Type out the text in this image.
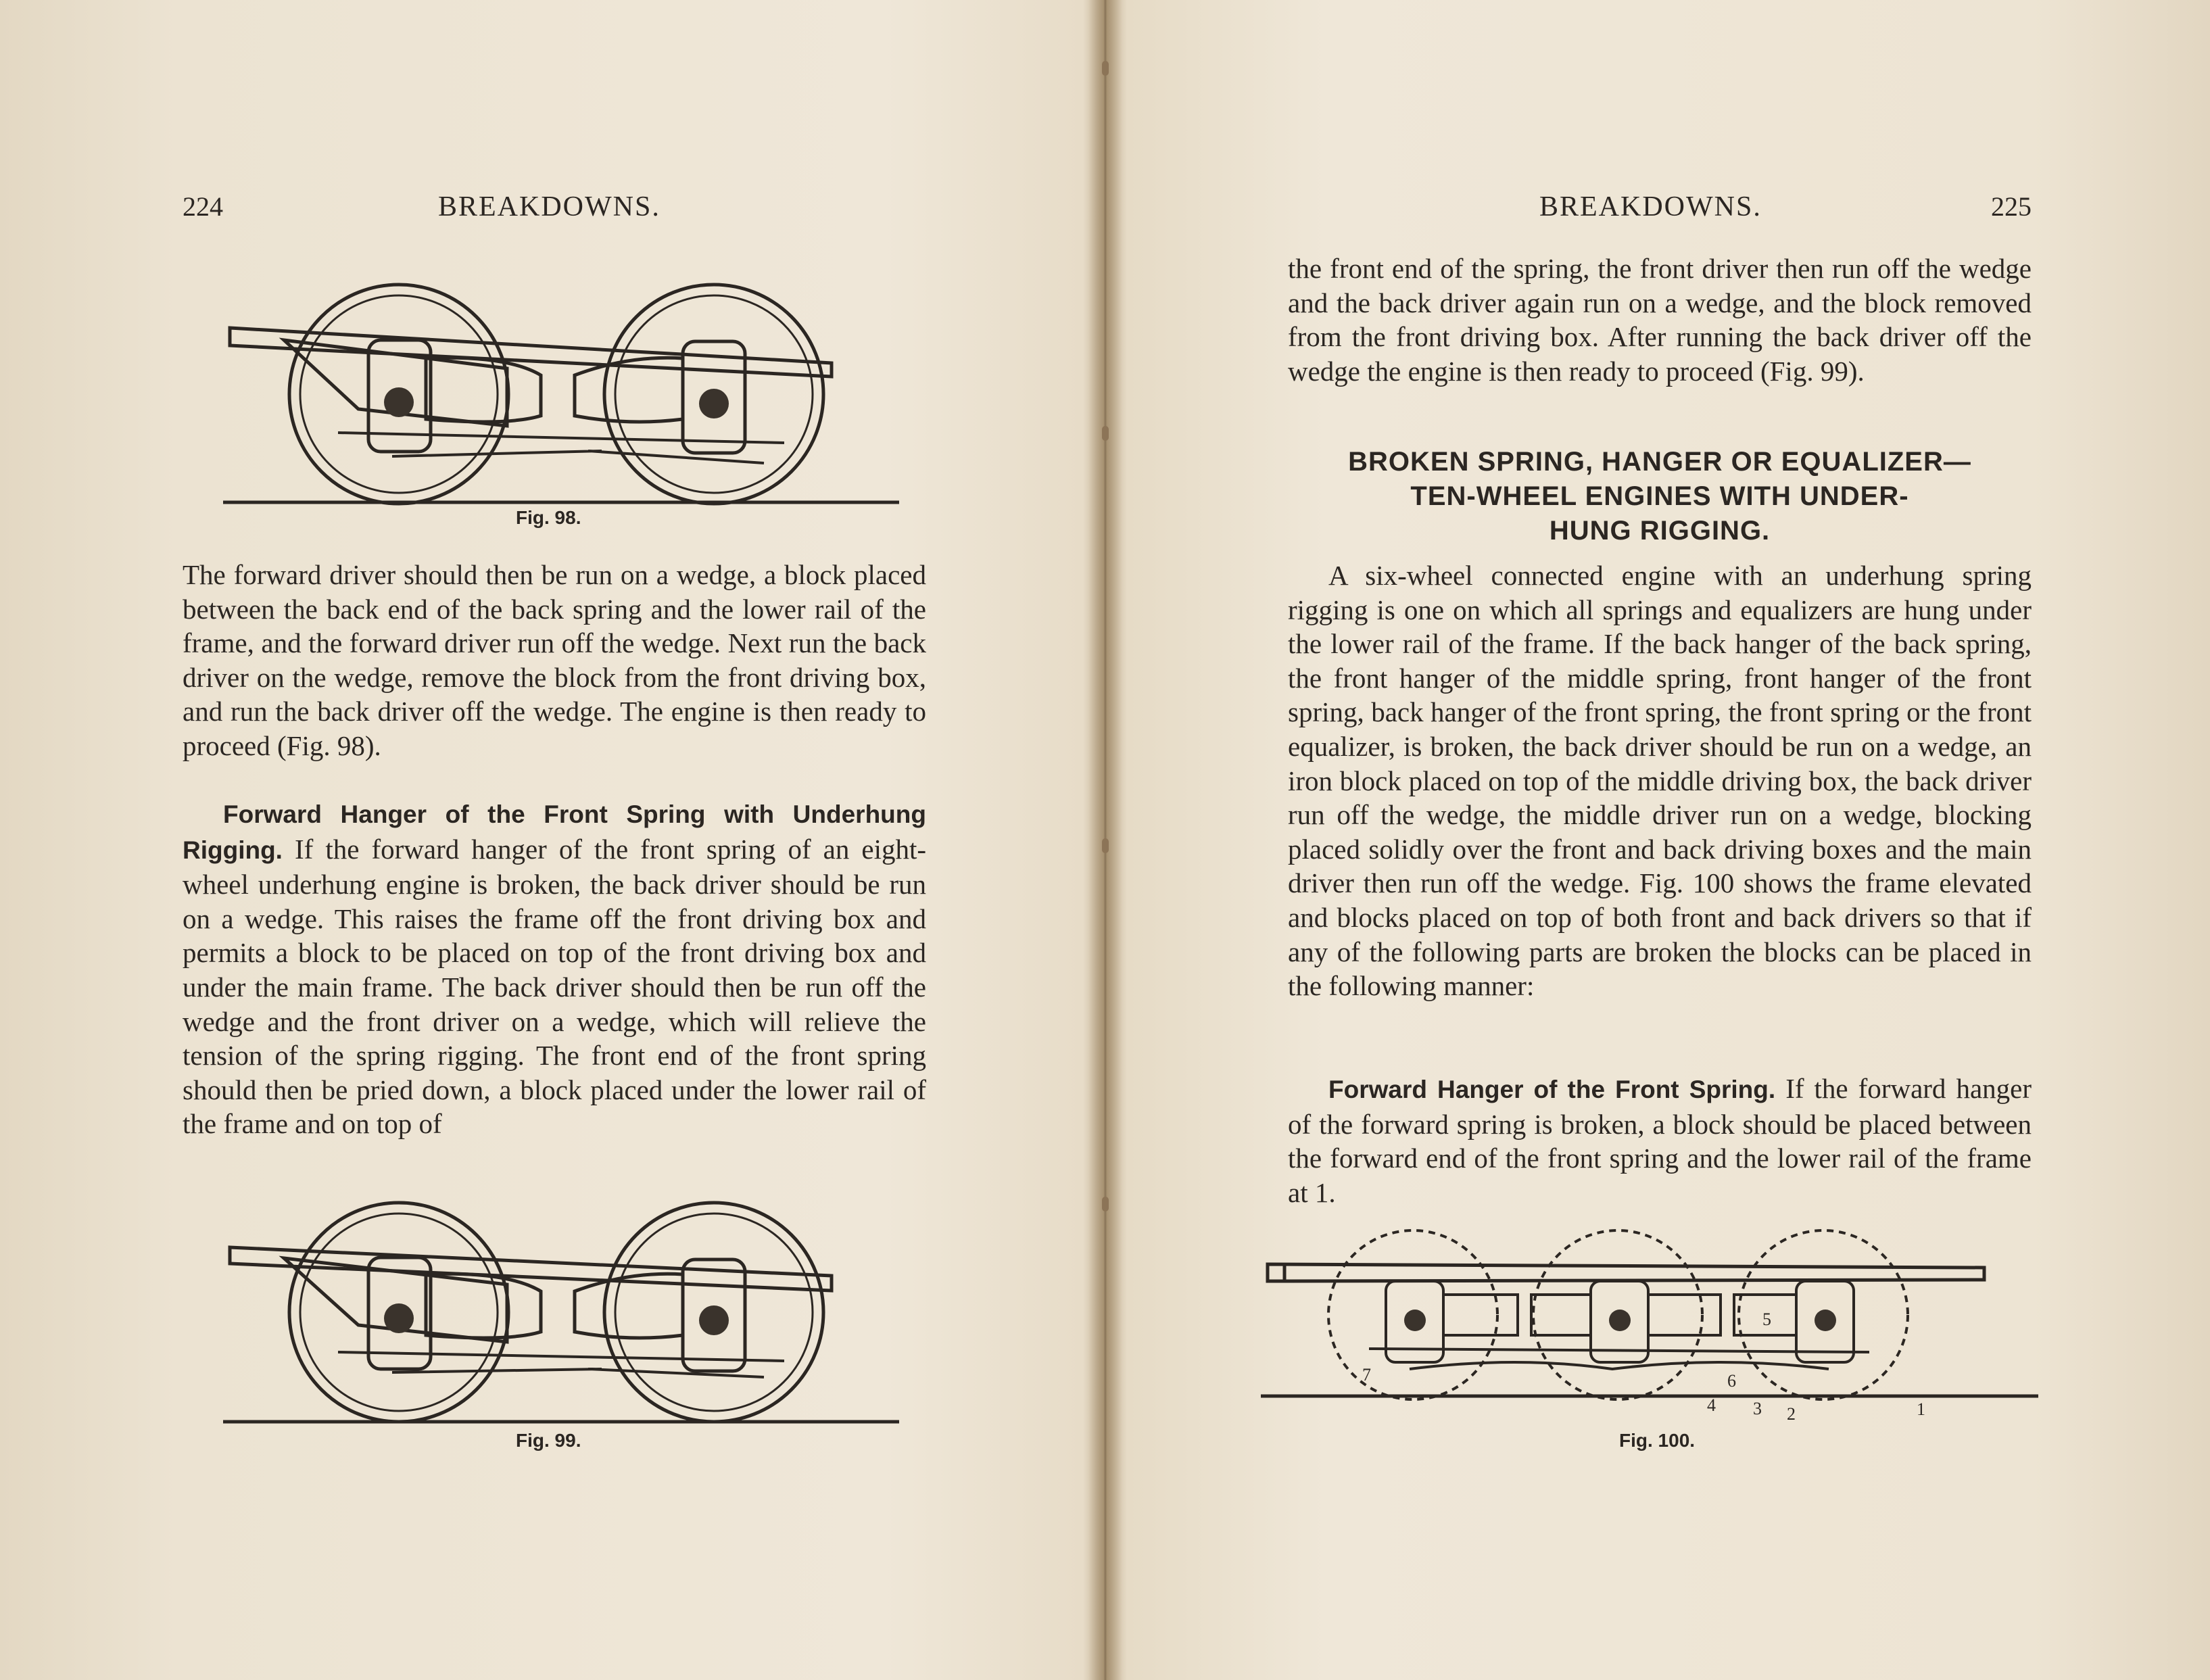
224	BREAKDOWNS.
Fig. 98.

The forward driver should then be run on a wedge, a block placed between the back end of the back spring and the lower rail of the frame, and the forward driver run off the wedge. Next run the back driver on the wedge, remove the block from the front driving box, and run the back driver off the wedge. The engine is then ready to proceed (Fig. 98).

Forward Hanger of the Front Spring with Underhung Rigging. If the forward hanger of the front spring of an eight-wheel underhung engine is broken, the back driver should be run on a wedge. This raises the frame off the front driving box and permits a block to be placed on top of the front driving box and under the main frame. The back driver should then be run off the wedge and the front driver on a wedge, which will relieve the tension of the spring rigging. The front end of the front spring should then be pried down, a block placed under the lower rail of the frame and on top of

Fig. 99.
BREAKDOWNS.	225

the front end of the spring, the front driver then run off the wedge and the back driver again run on a wedge, and the block removed from the front driving box. After running the back driver off the wedge the engine is then ready to proceed (Fig. 99).

BROKEN SPRING, HANGER OR EQUALIZER—
TEN-WHEEL ENGINES WITH UNDER-
HUNG RIGGING.

A six-wheel connected engine with an underhung spring rigging is one on which all springs and equalizers are hung under the lower rail of the frame. If the back hanger of the back spring, the front hanger of the middle spring, front hanger of the front spring, back hanger of the front spring, the front spring or the front equalizer, is broken, the back driver should be run on a wedge, an iron block placed on top of the middle driving box, the back driver run off the wedge, the middle driver run on a wedge, blocking placed solidly over the front and back driving boxes and the main driver then run off the wedge. Fig. 100 shows the frame elevated and blocks placed on top of both front and back drivers so that if any of the following parts are broken the blocks can be placed in the following manner:

Forward Hanger of the Front Spring. If the forward hanger of the forward spring is broken, a block should be placed between the forward end of the front spring and the lower rail of the frame at 1.

7	6
5
4 3 2	1
Fig. 100.
